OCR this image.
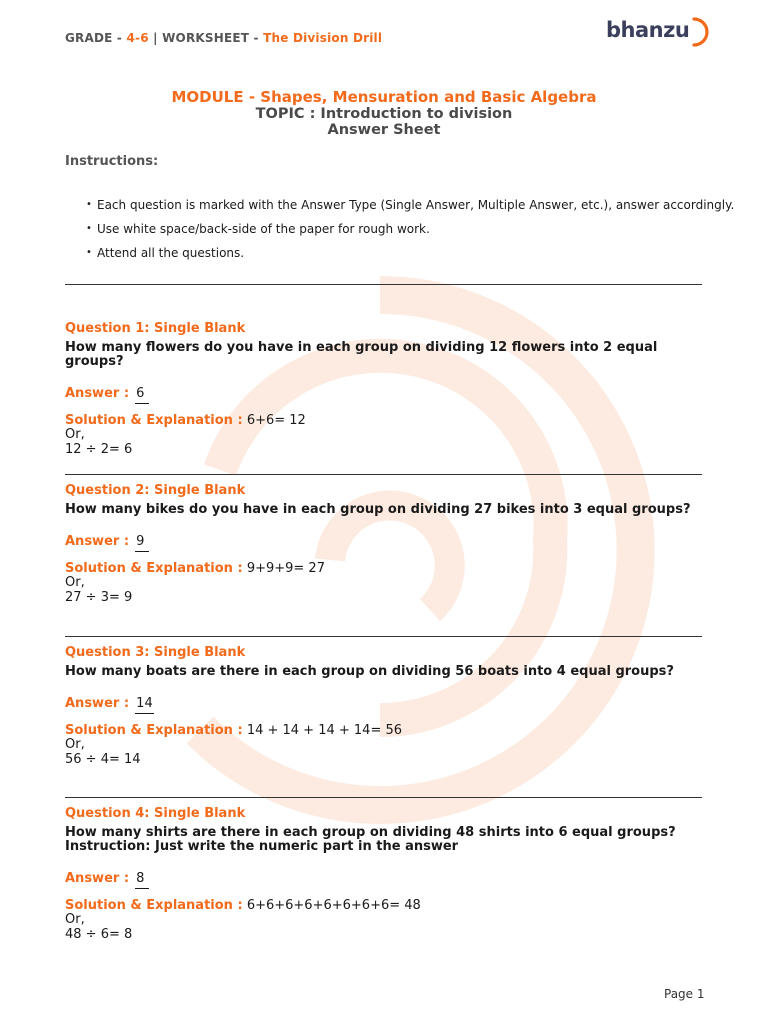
GRADE - 4-6 | WORKSHEET - The Division Drill	bhanzu
MODULE - Shapes, Mensuration and Basic Algebra
TOPIC : Introduction to division
Answer Sheet
Instructions:
• Each question is marked with the Answer Type (Single Answer, Multiple Answer, etc.), answer accordingly.
• Use white space/back-side of the paper for rough work.
• Attend all the questions.
Question 1: Single Blank
How many flowers do you have in each group on dividing 12 flowers into 2 equal groups?
Answer : 6
Solution & Explanation : 6+6= 12
Or,
12 ÷ 2= 6
Question 2: Single Blank
How many bikes do you have in each group on dividing 27 bikes into 3 equal groups?
Answer : 9
Solution & Explanation : 9+9+9= 27
Or,
27 ÷ 3= 9
Question 3: Single Blank
How many boats are there in each group on dividing 56 boats into 4 equal groups?
Answer : 14
Solution & Explanation : 14 + 14 + 14 + 14= 56
Or,
56 ÷ 4= 14
Question 4: Single Blank
How many shirts are there in each group on dividing 48 shirts into 6 equal groups?
Instruction: Just write the numeric part in the answer
Answer : 8
Solution & Explanation : 6+6+6+6+6+6+6+6= 48
Or,
48 ÷ 6= 8
Page 1
